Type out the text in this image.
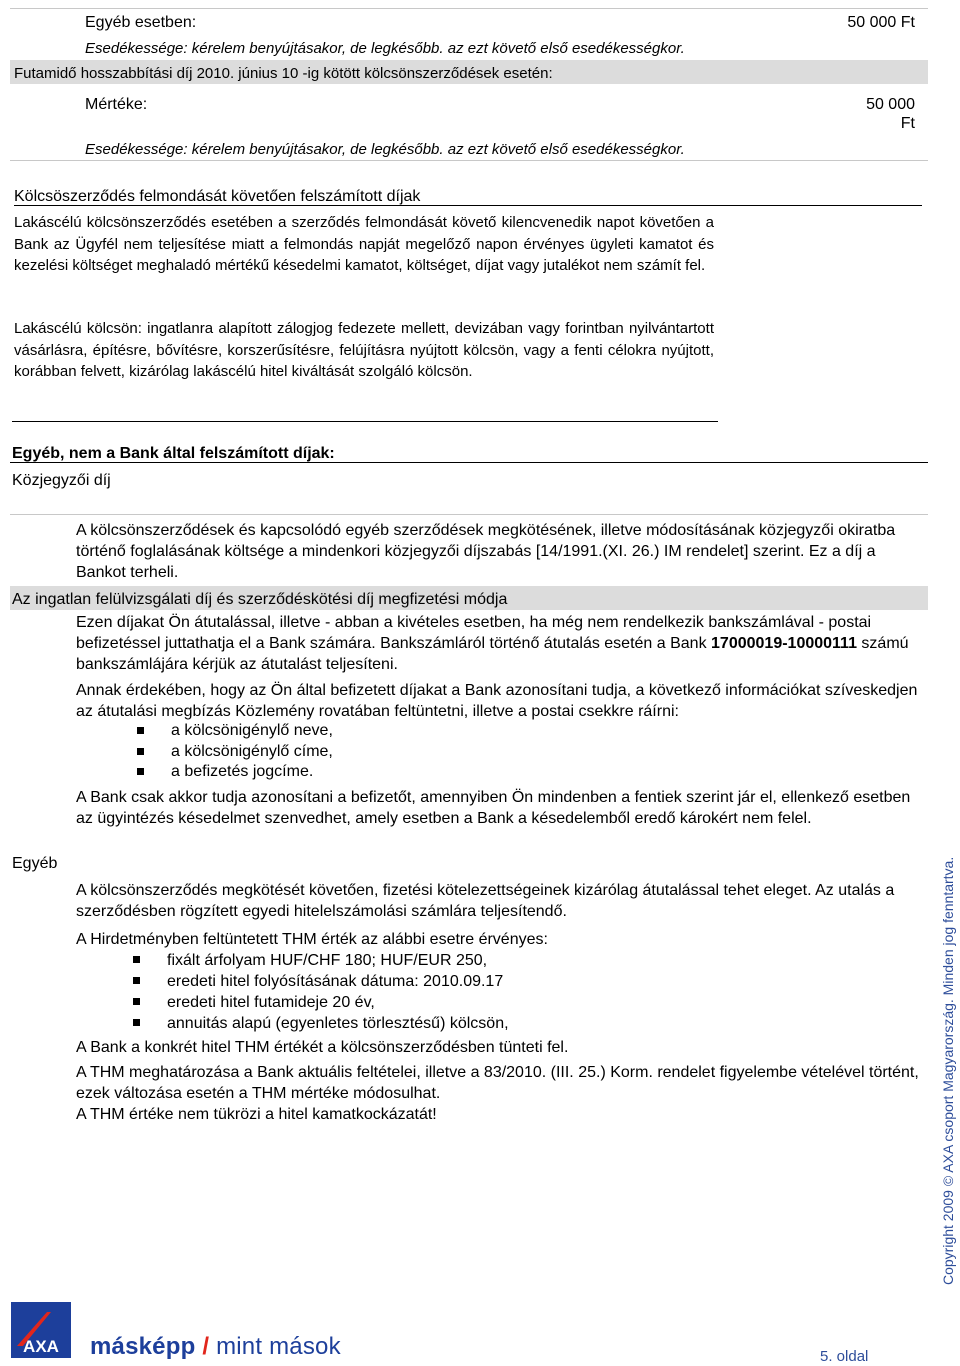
Egyéb esetben:	50 000 Ft
Esedékessége: kérelem benyújtásakor, de legkésőbb. az ezt követő első esedékességkor.
Futamidő hosszabbítási díj 2010. június 10 -ig kötött kölcsönszerződések esetén:
Mértéke:	50 000
Ft
Esedékessége: kérelem benyújtásakor, de legkésőbb. az ezt követő első esedékességkor.
Kölcsöszerződés felmondását követően felszámított díjak
Lakáscélú kölcsönszerződés esetében a szerződés felmondását követő kilencvenedik napot követően a Bank az Ügyfél nem teljesítése miatt a felmondás napját megelőző napon érvényes ügyleti kamatot és kezelési költséget meghaladó mértékű késedelmi kamatot, költséget, díjat vagy jutalékot nem számít fel.
Lakáscélú kölcsön: ingatlanra alapított zálogjog fedezete mellett, devizában vagy forintban nyilvántartott vásárlásra, építésre, bővítésre, korszerűsítésre, felújításra nyújtott kölcsön, vagy a fenti célokra nyújtott, korábban felvett, kizárólag lakáscélú hitel kiváltását szolgáló kölcsön.
Egyéb, nem a Bank által felszámított díjak:
Közjegyzői díj
A kölcsönszerződések és kapcsolódó egyéb szerződések megkötésének, illetve módosításának közjegyzői okiratba történő foglalásának költsége a mindenkori közjegyzői díjszabás [14/1991.(XI. 26.) IM rendelet] szerint. Ez a díj a Bankot terheli.
Az ingatlan felülvizsgálati díj és szerződéskötési díj megfizetési módja
Egyéb
Ezen díjakat Ön átutalással, illetve - abban a kivételes esetben, ha még nem rendelkezik bankszámlával - postai befizetéssel juttathatja el a Bank számára. Bankszámláról történő átutalás esetén a Bank 17000019-10000111 számú bankszámlájára kérjük az átutalást teljesíteni.
Annak érdekében, hogy az Ön által befizetett díjakat a Bank azonosítani tudja, a következő információkat szíveskedjen az átutalási megbízás Közlemény rovatában feltüntetni, illetve a postai csekkre ráírni:
a kölcsönigénylő neve,
a kölcsönigénylő címe,
a befizetés jogcíme.
A Bank csak akkor tudja azonosítani a befizetőt, amennyiben Ön mindenben a fentiek szerint jár el, ellenkező esetben az ügyintézés késedelmet szenvedhet, amely esetben a Bank a késedelemből eredő károkért nem felel.
A kölcsönszerződés megkötését követően, fizetési kötelezettségeinek kizárólag átutalással tehet eleget. Az utalás a szerződésben rögzített egyedi hitelelszámolási számlára teljesítendő.
A Hirdetményben feltüntetett THM érték az alábbi esetre érvényes:
fixált árfolyam HUF/CHF 180; HUF/EUR 250,
eredeti hitel folyósításának dátuma: 2010.09.17
eredeti hitel futamideje 20 év,
annuitás alapú (egyenletes törlesztésű) kölcsön,
A Bank a konkrét hitel THM értékét a kölcsönszerződésben tünteti fel.
A THM meghatározása a Bank aktuális feltételei, illetve a 83/2010. (III. 25.) Korm. rendelet figyelembe vételével történt, ezek változása esetén a THM mértéke módosulhat.
A THM értéke nem tükrözi a hitel kamatkockázatát!	Copyright 2009 © AXA csoport Magyarország. Minden jog fenntartva.
AXA másképp / mint mások	5. oldal
